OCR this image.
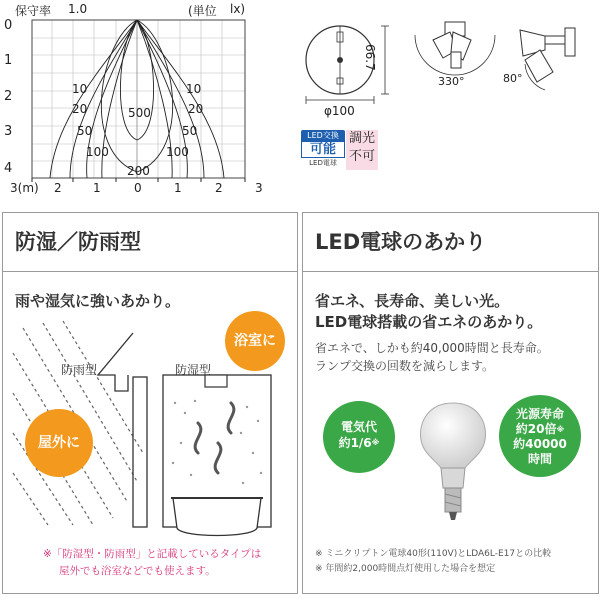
保守率 1.0	(単位 lx)
0
1
2
3
4
10	10
20	20
50	50
100	100
500
200
3(m) 2	1	0	1	2	3
66.7
φ100
330°	80°
LED交換
可能
LED電球
調光
不可
防湿／防雨型
雨や湿気に強いあかり。
防雨型	防湿型
浴室に
屋外に
※「防湿型・防雨型」と記載しているタイプは
屋外でも浴室などでも使えます。
LED電球のあかり
省エネ、長寿命、美しい光。
LED電球搭載の省エネのあかり。
省エネで、しかも約40,000時間と長寿命。
ランプ交換の回数を減らします。
電気代
約1/6※
光源寿命
約20倍※
約40000
時間
※ ミニクリプトン電球40形(110V)とLDA6L-E17との比較
※ 年間約2,000時間点灯使用した場合を想定
